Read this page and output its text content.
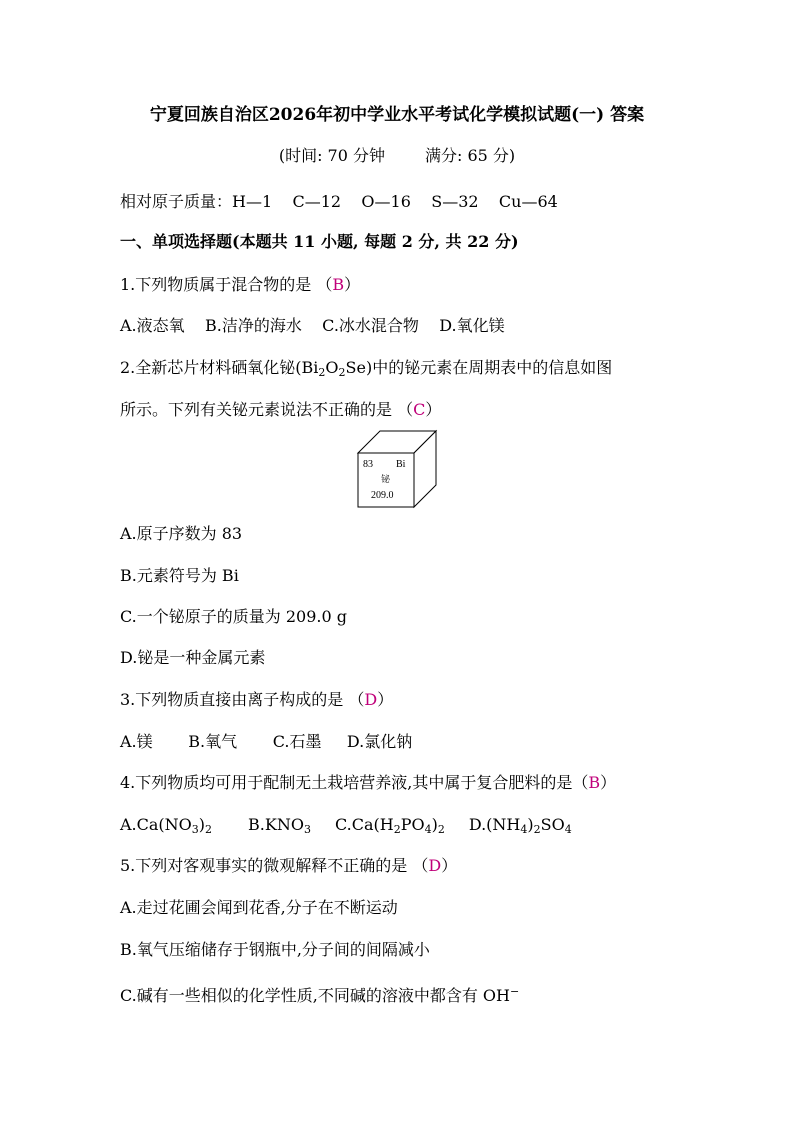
宁夏回族自治区2026年初中学业水平考试化学模拟试题(一) 答案
(时间: 70 分钟	满分: 65 分)
相对原子质量：H—1    C—12    O—16    S—32    Cu—64
一、单项选择题(本题共 11 小题, 每题 2 分, 共 22 分)
1.下列物质属于混合物的是 （B）
A.液态氧    B.洁净的海水    C.冰水混合物    D.氧化镁
2.全新芯片材料硒氧化铋$(Bi_2O_2Se)$中的铋元素在周期表中的信息如图
所示。下列有关铋元素说法不正确的是 （C）
83 Bi
铋
209.0
A.原子序数为 83
B.元素符号为 Bi
C.一个铋原子的质量为 209.0 g
D.铋是一种金属元素
3.下列物质直接由离子构成的是 （D）
A.镁       B.氧气       C.石墨     D.氯化钠
4.下列物质均可用于配制无土栽培营养液,其中属于复合肥料的是（B）
$A.Ca(NO_3)_2$ $B.KNO_3$ $C.Ca(H_2PO_4)_2$ $D.(NH_4)_2SO_4$
5.下列对客观事实的微观解释不正确的是 （D）
A.走过花圃会闻到花香,分子在不断运动
B.氧气压缩储存于钢瓶中,分子间的间隔减小
C.碱有一些相似的化学性质,不同碱的溶液中都含有 OH−
